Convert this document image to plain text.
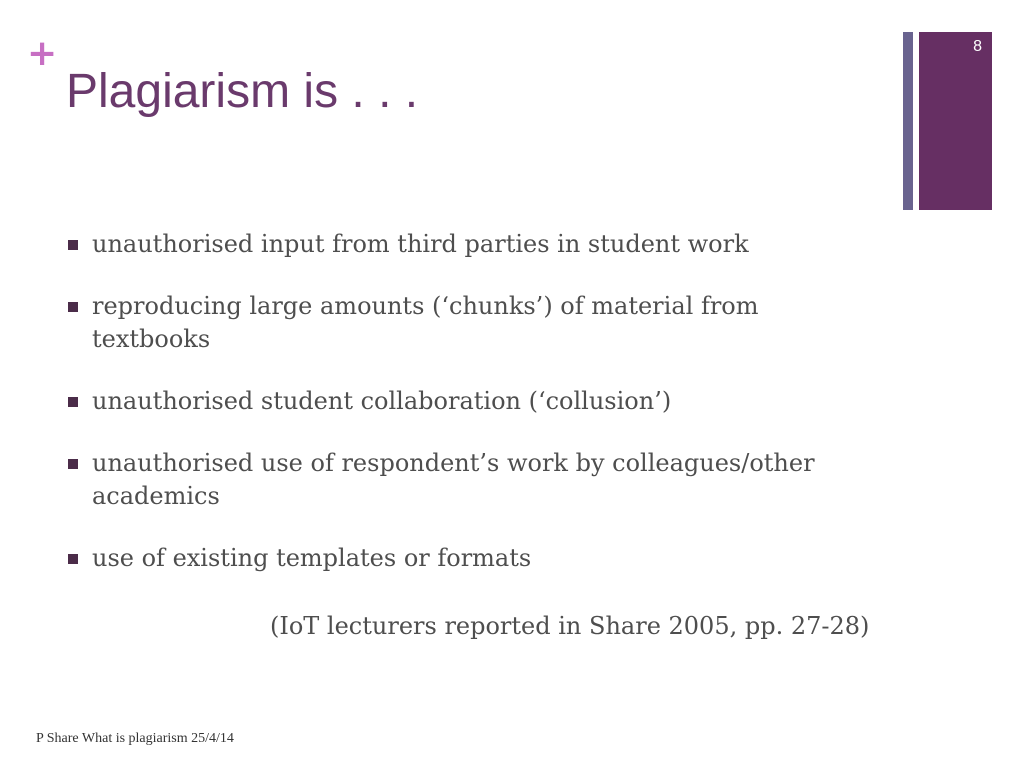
+
Plagiarism is . . .
8
unauthorised input from third parties in student work
reproducing large amounts (‘chunks’) of material from textbooks
unauthorised student collaboration (‘collusion’)
unauthorised use of respondent’s work by colleagues/other academics
use of existing templates or formats
(IoT lecturers reported in Share 2005, pp. 27-28)
P Share What is plagiarism 25/4/14
